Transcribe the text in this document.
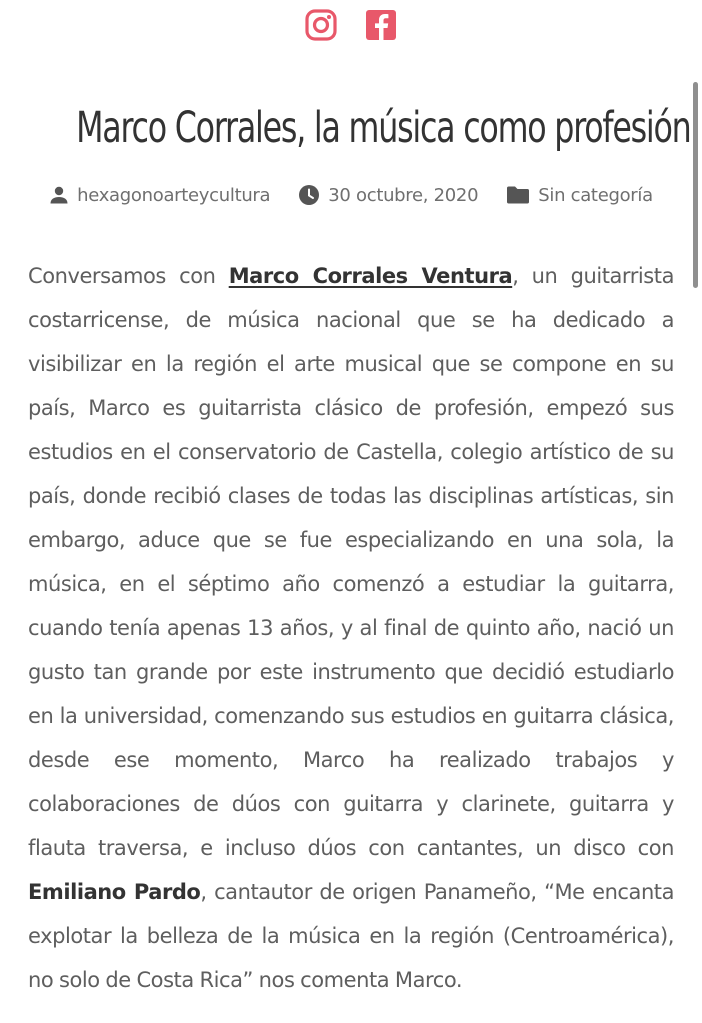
Marco Corrales, la música como profesión
hexagonoarteycultura	30 octubre, 2020	Sin categoría

Conversamos con Marco Corrales Ventura, un guitarrista costarricense, de música nacional que se ha dedicado a visibilizar en la región el arte musical que se compone en su país, Marco es guitarrista clásico de profesión, empezó sus estudios en el conservatorio de Castella, colegio artístico de su país, donde recibió clases de todas las disciplinas artísticas, sin embargo, aduce que se fue especializando en una sola, la música, en el séptimo año comenzó a estudiar la guitarra, cuando tenía apenas 13 años, y al final de quinto año, nació un gusto tan grande por este instrumento que decidió estudiarlo en la universidad, comenzando sus estudios en guitarra clásica, desde ese momento, Marco ha realizado trabajos y colaboraciones de dúos con guitarra y clarinete, guitarra y flauta traversa, e incluso dúos con cantantes, un disco con Emiliano Pardo, cantautor de origen Panameño, “Me encanta explotar la belleza de la música en la región (Centroamérica), no solo de Costa Rica” nos comenta Marco.
